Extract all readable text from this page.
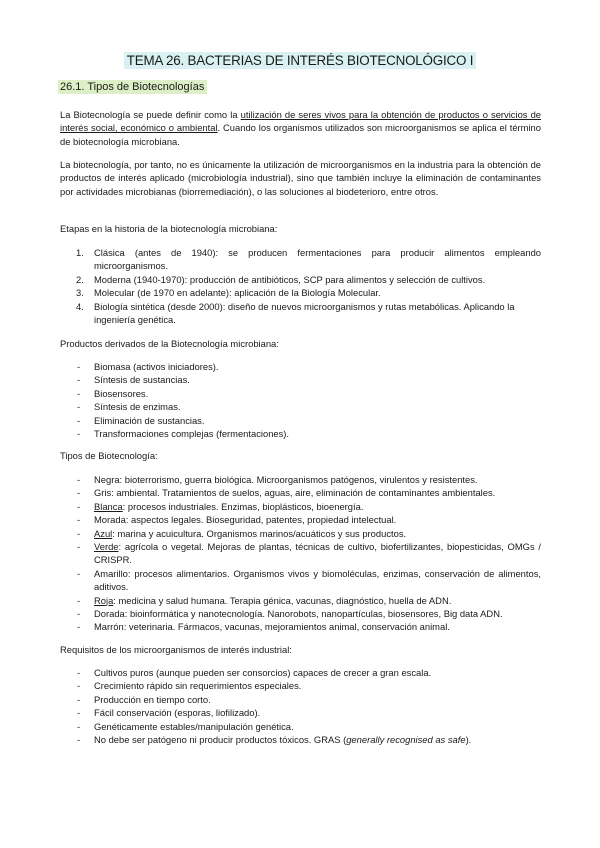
TEMA 26. BACTERIAS DE INTERÉS BIOTECNOLÓGICO I
26.1. Tipos de Biotecnologías

La Biotecnología se puede definir como la utilización de seres vivos para la obtención de productos o servicios de interés social, económico o ambiental. Cuando los organismos utilizados son microorganismos se aplica el término de biotecnología microbiana.

La biotecnología, por tanto, no es únicamente la utilización de microorganismos en la industria para la obtención de productos de interés aplicado (microbiología industrial), sino que también incluye la eliminación de contaminantes por actividades microbianas (biorremediación), o las soluciones al biodeterioro, entre otros.

Etapas en la historia de la biotecnología microbiana:
1. Clásica (antes de 1940): se producen fermentaciones para producir alimentos empleando microorganismos.
2. Moderna (1940-1970): producción de antibióticos, SCP para alimentos y selección de cultivos.
3. Molecular (de 1970 en adelante): aplicación de la Biología Molecular.
4. Biología sintética (desde 2000): diseño de nuevos microorganismos y rutas metabólicas. Aplicando la ingeniería genética.
Productos derivados de la Biotecnología microbiana:
- Biomasa (activos iniciadores).
- Síntesis de sustancias.
- Biosensores.
- Síntesis de enzimas.
- Eliminación de sustancias.
- Transformaciones complejas (fermentaciones).
Tipos de Biotecnología:
- Negra: bioterrorismo, guerra biológica. Microorganismos patógenos, virulentos y resistentes.
- Gris: ambiental. Tratamientos de suelos, aguas, aire, eliminación de contaminantes ambientales.
- Blanca: procesos industriales. Enzimas, bioplásticos, bioenergía.
- Morada: aspectos legales. Bioseguridad, patentes, propiedad intelectual.
- Azul: marina y acuicultura. Organismos marinos/acuáticos y sus productos.
- Verde: agrícola o vegetal. Mejoras de plantas, técnicas de cultivo, biofertilizantes, biopesticidas, OMGs / CRISPR.
- Amarillo: procesos alimentarios. Organismos vivos y biomoléculas, enzimas, conservación de alimentos, aditivos.
- Roja: medicina y salud humana. Terapia génica, vacunas, diagnóstico, huella de ADN.
- Dorada: bioinformática y nanotecnología. Nanorobots, nanopartículas, biosensores, Big data ADN.
- Marrón: veterinaria. Fármacos, vacunas, mejoramientos animal, conservación animal.
Requisitos de los microorganismos de interés industrial:
- Cultivos puros (aunque pueden ser consorcios) capaces de crecer a gran escala.
- Crecimiento rápido sin requerimientos especiales.
- Producción en tiempo corto.
- Fácil conservación (esporas, liofilizado).
- Genéticamente estables/manipulación genética.
- No debe ser patógeno ni producir productos tóxicos. GRAS (generally recognised as safe).
